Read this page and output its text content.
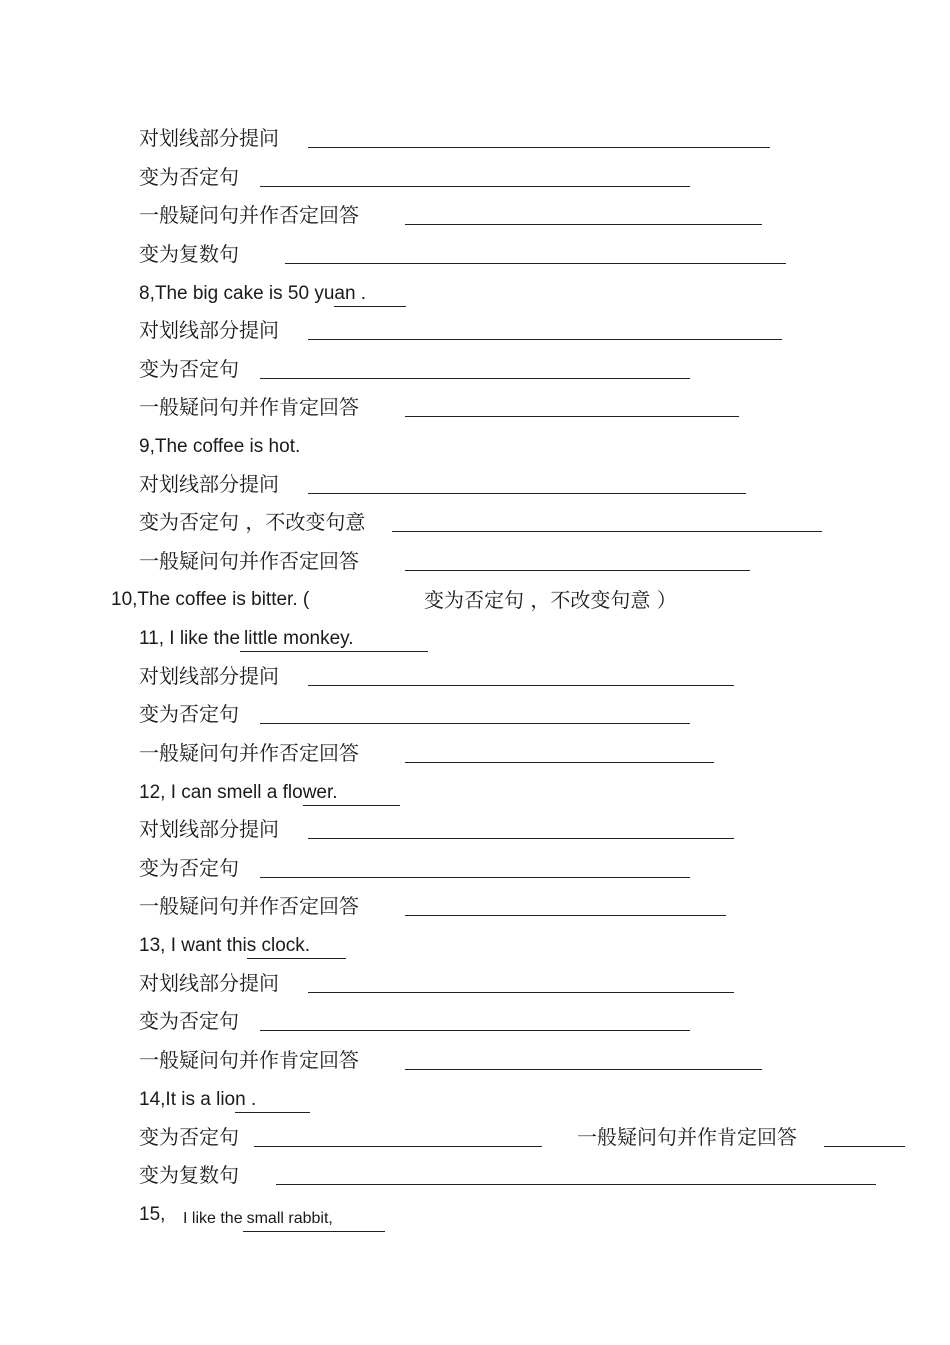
对划线部分提问
变为否定句
一般疑问句并作否定回答
变为复数句
8,The big cake is 50 yuan .
对划线部分提问
变为否定句
一般疑问句并作肯定回答
9,The coffee is hot.
对划线部分提问
变为否定句 ，不改变句意
一般疑问句并作否定回答
10,The coffee is bitter. (	变为否定句 ，不改变句意 ）
11, I like the little monkey.
对划线部分提问
变为否定句
一般疑问句并作否定回答
12, I can smell a flower.
对划线部分提问
变为否定句
一般疑问句并作否定回答
13, I want this clock.
对划线部分提问
变为否定句
一般疑问句并作肯定回答
14,It is a lion .
变为否定句	一般疑问句并作肯定回答
变为复数句
15, I like the small rabbit,
